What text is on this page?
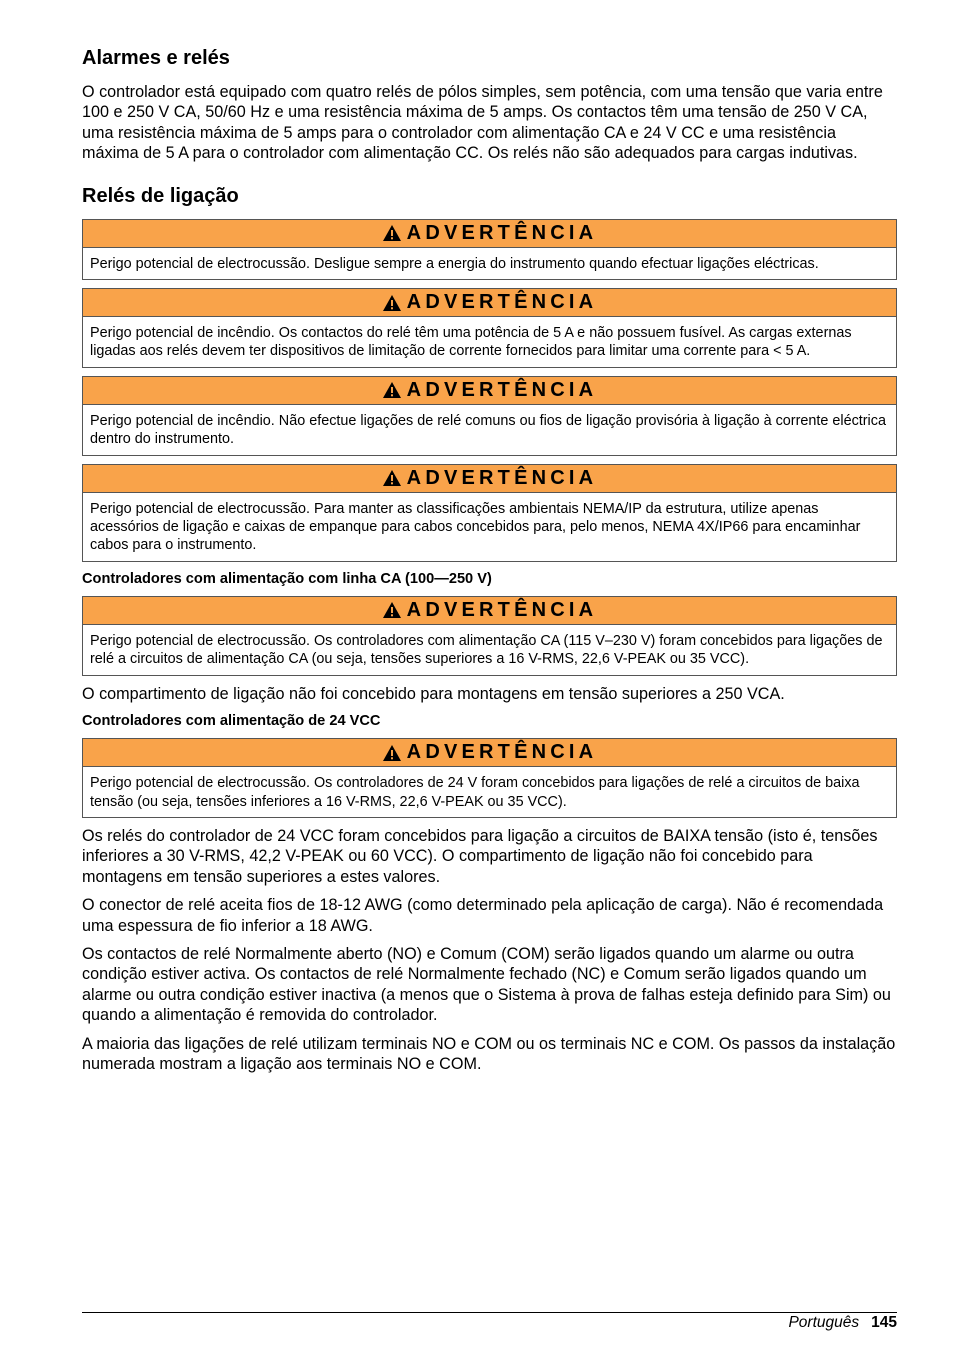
Alarmes e relés

O controlador está equipado com quatro relés de pólos simples, sem potência, com uma tensão que varia entre 100 e 250 V CA, 50/60 Hz e uma resistência máxima de 5 amps. Os contactos têm uma tensão de 250 V CA, uma resistência máxima de 5 amps para o controlador com alimentação CA e 24 V CC e uma resistência máxima de 5 A para o controlador com alimentação CC. Os relés não são adequados para cargas indutivas.

Relés de ligação
ADVERTÊNCIA
Perigo potencial de electrocussão. Desligue sempre a energia do instrumento quando efectuar ligações eléctricas.
ADVERTÊNCIA
Perigo potencial de incêndio. Os contactos do relé têm uma potência de 5 A e não possuem fusível. As cargas externas ligadas aos relés devem ter dispositivos de limitação de corrente fornecidos para limitar uma corrente para < 5 A.
ADVERTÊNCIA
Perigo potencial de incêndio. Não efectue ligações de relé comuns ou fios de ligação provisória à ligação à corrente eléctrica dentro do instrumento.
ADVERTÊNCIA
Perigo potencial de electrocussão. Para manter as classificações ambientais NEMA/IP da estrutura, utilize apenas acessórios de ligação e caixas de empanque para cabos concebidos para, pelo menos, NEMA 4X/IP66 para encaminhar cabos para o instrumento.
Controladores com alimentação com linha CA (100—250 V)
ADVERTÊNCIA
Perigo potencial de electrocussão. Os controladores com alimentação CA (115 V–230 V) foram concebidos para ligações de relé a circuitos de alimentação CA (ou seja, tensões superiores a 16 V-RMS, 22,6 V-PEAK ou 35 VCC).

O compartimento de ligação não foi concebido para montagens em tensão superiores a 250 VCA.

Controladores com alimentação de 24 VCC
ADVERTÊNCIA
Perigo potencial de electrocussão. Os controladores de 24 V foram concebidos para ligações de relé a circuitos de baixa tensão (ou seja, tensões inferiores a 16 V-RMS, 22,6 V-PEAK ou 35 VCC).

Os relés do controlador de 24 VCC foram concebidos para ligação a circuitos de BAIXA tensão (isto é, tensões inferiores a 30 V-RMS, 42,2 V-PEAK ou 60 VCC). O compartimento de ligação não foi concebido para montagens em tensão superiores a estes valores.

O conector de relé aceita fios de 18-12 AWG (como determinado pela aplicação de carga). Não é recomendada uma espessura de fio inferior a 18 AWG.

Os contactos de relé Normalmente aberto (NO) e Comum (COM) serão ligados quando um alarme ou outra condição estiver activa. Os contactos de relé Normalmente fechado (NC) e Comum serão ligados quando um alarme ou outra condição estiver inactiva (a menos que o Sistema à prova de falhas esteja definido para Sim) ou quando a alimentação é removida do controlador.

A maioria das ligações de relé utilizam terminais NO e COM ou os terminais NC e COM. Os passos da instalação numerada mostram a ligação aos terminais NO e COM.

Português 145
